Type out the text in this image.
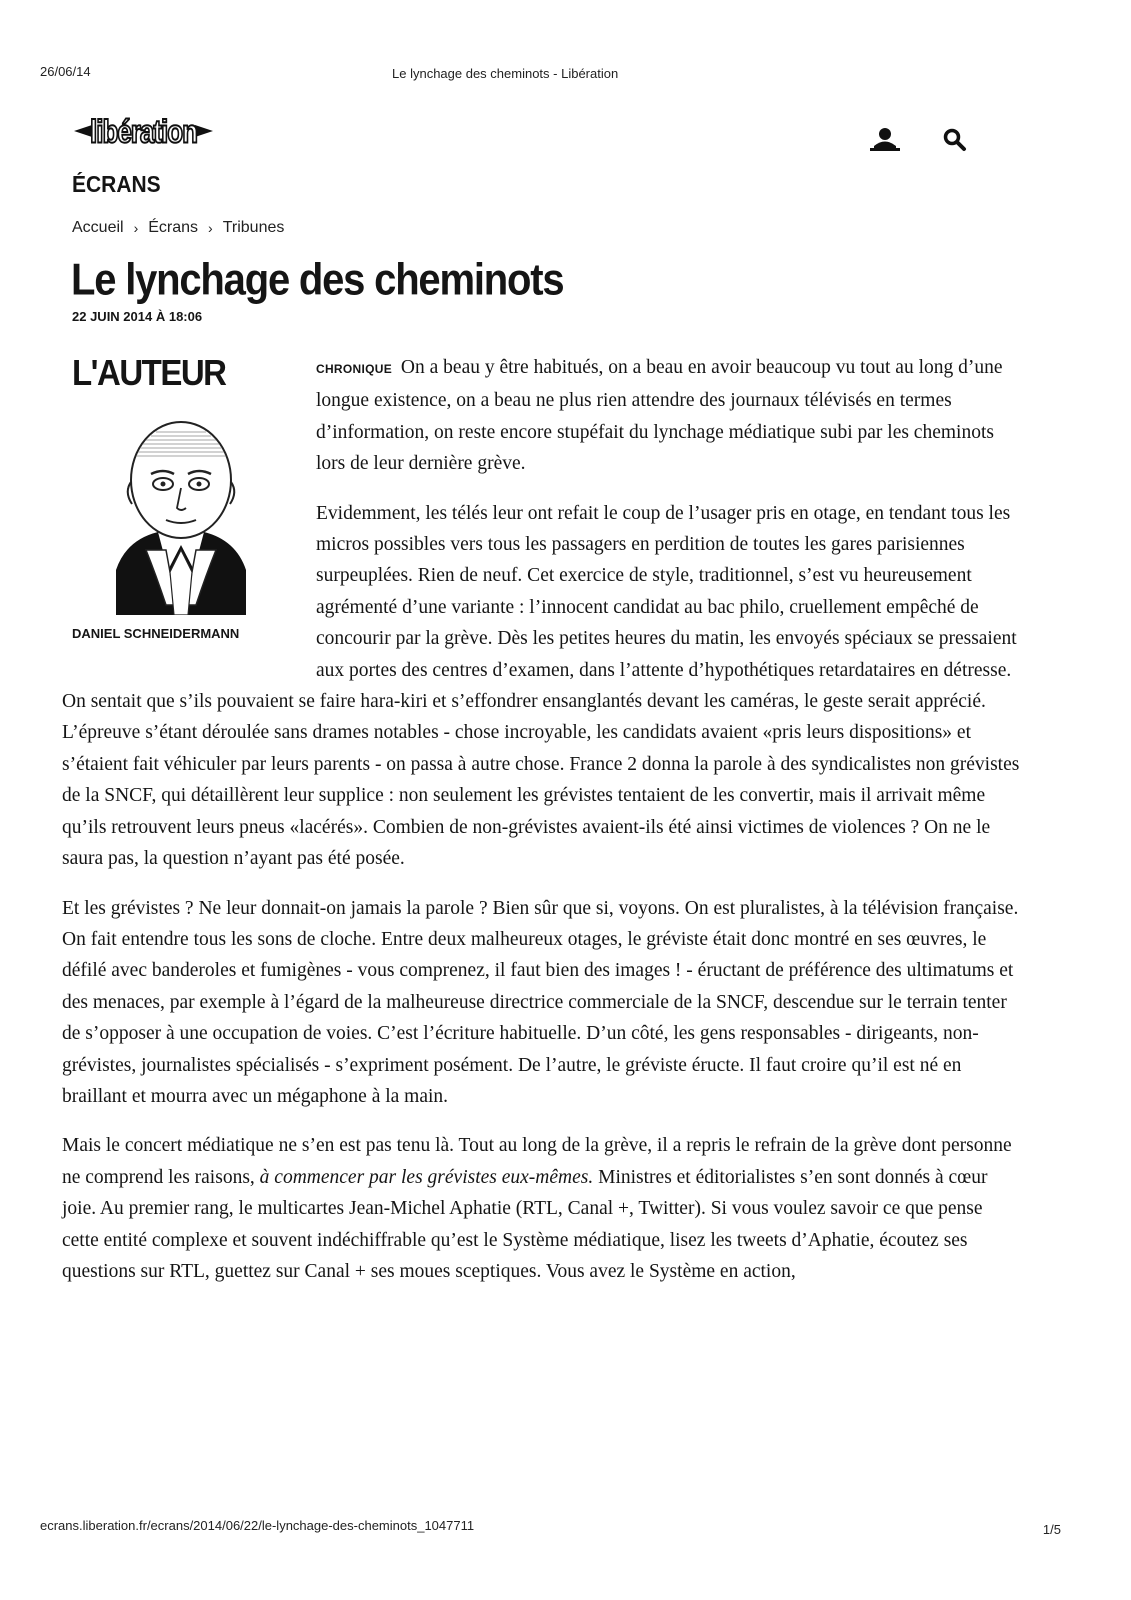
26/06/14	Le lynchage des cheminots - Libération
libération
ÉCRANS
Accueil › Écrans › Tribunes
Le lynchage des cheminots
22 JUIN 2014 À 18:06
L'AUTEUR
DANIEL SCHNEIDERMANN

CHRONIQUE On a beau y être habitués, on a beau en avoir beaucoup vu tout au long d’une longue existence, on a beau ne plus rien attendre des journaux télévisés en termes d’information, on reste encore stupéfait du lynchage médiatique subi par les cheminots lors de leur dernière grève.

Evidemment, les télés leur ont refait le coup de l’usager pris en otage, en tendant tous les micros possibles vers tous les passagers en perdition de toutes les gares parisiennes surpeuplées. Rien de neuf. Cet exercice de style, traditionnel, s’est vu heureusement agrémenté d’une variante : l’innocent candidat au bac philo, cruellement empêché de concourir par la grève. Dès les petites heures du matin, les envoyés spéciaux se pressaient aux portes des centres d’examen, dans l’attente d’hypothétiques retardataires en détresse. On sentait que s’ils pouvaient se faire hara-kiri et s’effondrer ensanglantés devant les caméras, le geste serait apprécié. L’épreuve s’étant déroulée sans drames notables - chose incroyable, les candidats avaient «pris leurs dispositions» et s’étaient fait véhiculer par leurs parents - on passa à autre chose. France 2 donna la parole à des syndicalistes non grévistes de la SNCF, qui détaillèrent leur supplice : non seulement les grévistes tentaient de les convertir, mais il arrivait même qu’ils retrouvent leurs pneus «lacérés». Combien de non-grévistes avaient-ils été ainsi victimes de violences ? On ne le saura pas, la question n’ayant pas été posée.

Et les grévistes ? Ne leur donnait-on jamais la parole ? Bien sûr que si, voyons. On est pluralistes, à la télévision française. On fait entendre tous les sons de cloche. Entre deux malheureux otages, le gréviste était donc montré en ses œuvres, le défilé avec banderoles et fumigènes - vous comprenez, il faut bien des images ! - éructant de préférence des ultimatums et des menaces, par exemple à l’égard de la malheureuse directrice commerciale de la SNCF, descendue sur le terrain tenter de s’opposer à une occupation de voies. C’est l’écriture habituelle. D’un côté, les gens responsables - dirigeants, non-grévistes, journalistes spécialisés - s’expriment posément. De l’autre, le gréviste éructe. Il faut croire qu’il est né en braillant et mourra avec un mégaphone à la main.

Mais le concert médiatique ne s’en est pas tenu là. Tout au long de la grève, il a repris le refrain de la grève dont personne ne comprend les raisons, à commencer par les grévistes eux-mêmes. Ministres et éditorialistes s’en sont donnés à cœur joie. Au premier rang, le multicartes Jean-Michel Aphatie (RTL, Canal +, Twitter). Si vous voulez savoir ce que pense cette entité complexe et souvent indéchiffrable qu’est le Système médiatique, lisez les tweets d’Aphatie, écoutez ses questions sur RTL, guettez sur Canal + ses moues sceptiques. Vous avez le Système en action,

ecrans.liberation.fr/ecrans/2014/06/22/le-lynchage-des-cheminots_1047711	1/5
